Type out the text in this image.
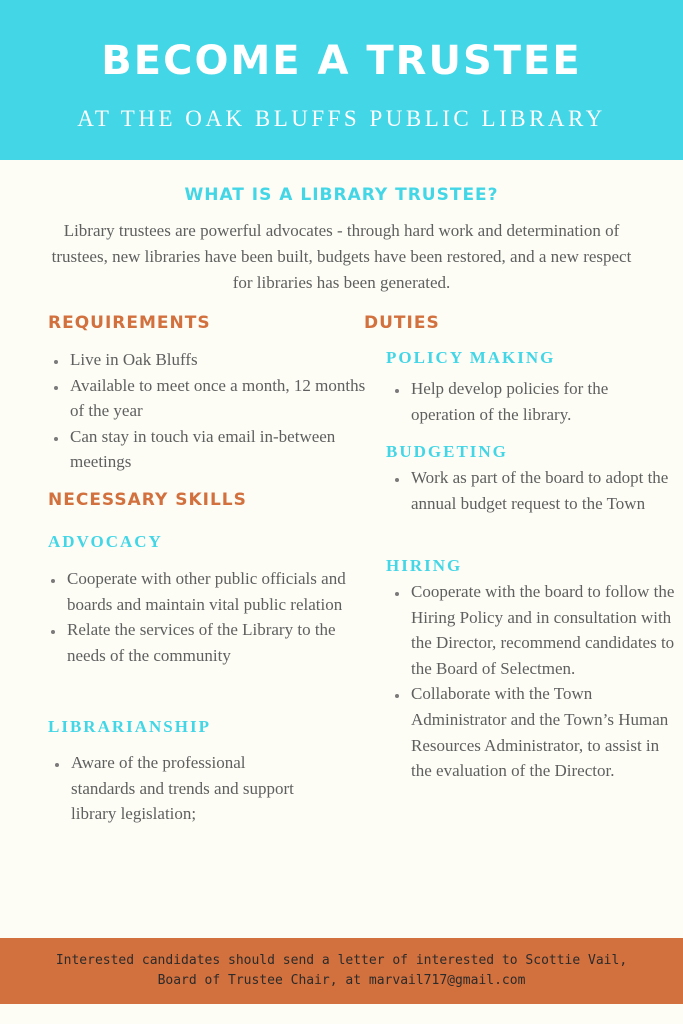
BECOME A TRUSTEE
AT THE OAK BLUFFS PUBLIC LIBRARY
WHAT IS A LIBRARY TRUSTEE?
Library trustees are powerful advocates - through hard work and determination of trustees, new libraries have been built, budgets have been restored, and a new respect for libraries has been generated.
REQUIREMENTS
• Live in Oak Bluffs
• Available to meet once a month, 12 months of the year
• Can stay in touch via email in-between meetings
NECESSARY SKILLS
ADVOCACY
• Cooperate with other public officials and boards and maintain vital public relation
• Relate the services of the Library to the needs of the community
LIBRARIANSHIP
• Aware of the professional standards and trends and support library legislation;
DUTIES
POLICY MAKING
• Help develop policies for the operation of the library.
BUDGETING
• Work as part of the board to adopt the annual budget request to the Town
HIRING
• Cooperate with the board to follow the Hiring Policy and in consultation with the Director, recommend candidates to the Board of Selectmen.
• Collaborate with the Town Administrator and the Town’s Human Resources Administrator, to assist in the evaluation of the Director.
Interested candidates should send a letter of interested to Scottie Vail,
Board of Trustee Chair, at marvail717@gmail.com
